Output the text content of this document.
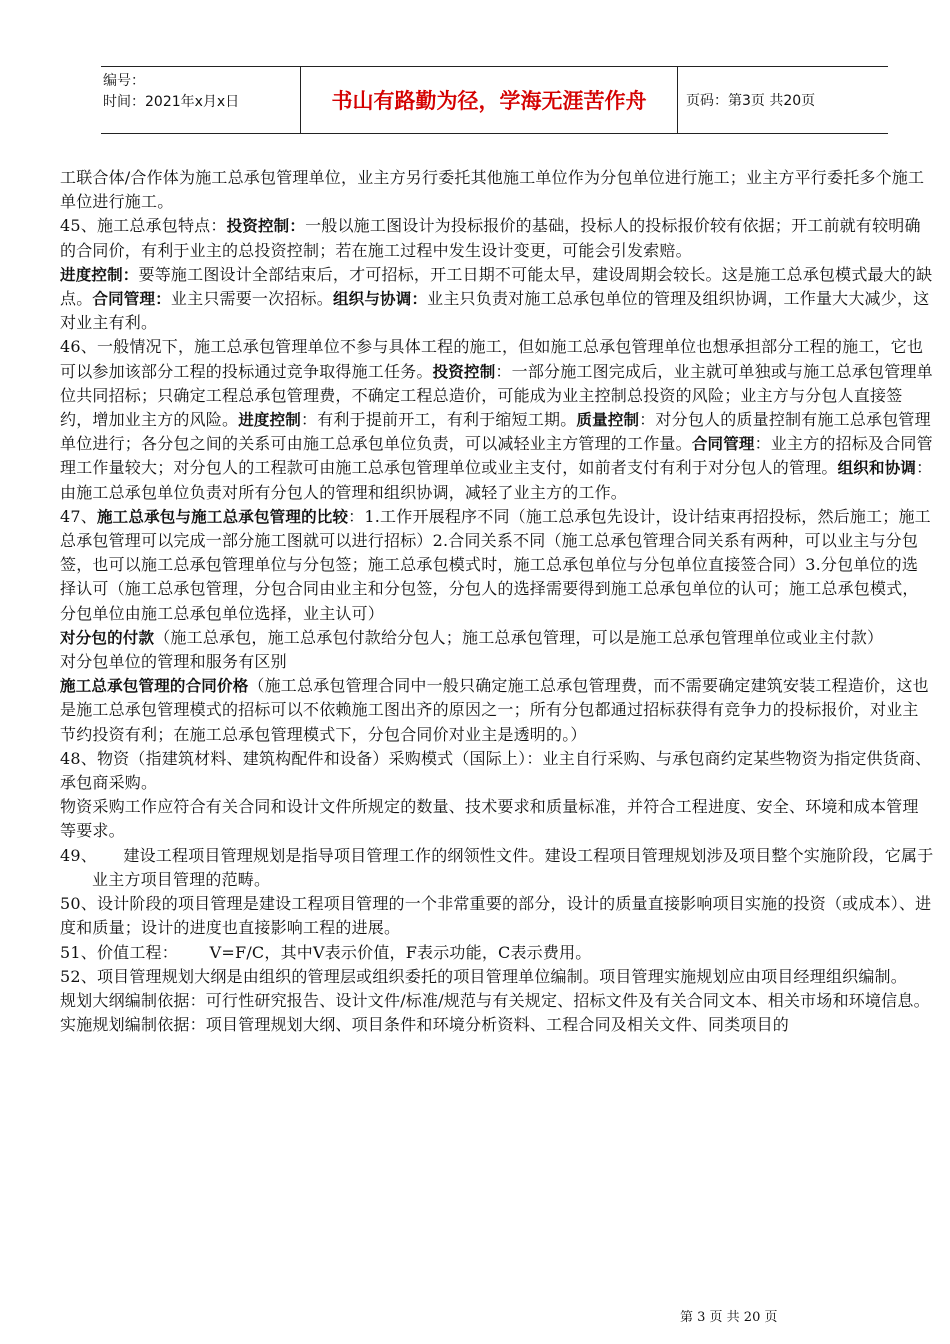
编号：
时间：2021年x月x日	书山有路勤为径，学海无涯苦作舟	页码：第3页 共20页

工联合体/合作体为施工总承包管理单位，业主方另行委托其他施工单位作为分包单位进行施工；业主方平行委托多个施工单位进行施工。

45、施工总承包特点：投资控制：一般以施工图设计为投标报价的基础，投标人的投标报价较有依据；开工前就有较明确的合同价，有利于业主的总投资控制；若在施工过程中发生设计变更，可能会引发索赔。

进度控制：要等施工图设计全部结束后，才可招标，开工日期不可能太早，建设周期会较长。这是施工总承包模式最大的缺点。合同管理：业主只需要一次招标。组织与协调：业主只负责对施工总承包单位的管理及组织协调，工作量大大减少，这对业主有利。

46、一般情况下，施工总承包管理单位不参与具体工程的施工，但如施工总承包管理单位也想承担部分工程的施工，它也可以参加该部分工程的投标通过竞争取得施工任务。投资控制：一部分施工图完成后，业主就可单独或与施工总承包管理单位共同招标；只确定工程总承包管理费，不确定工程总造价，可能成为业主控制总投资的风险；业主方与分包人直接签约，增加业主方的风险。进度控制：有利于提前开工，有利于缩短工期。质量控制：对分包人的质量控制有施工总承包管理单位进行；各分包之间的关系可由施工总承包单位负责，可以减轻业主方管理的工作量。合同管理：业主方的招标及合同管理工作量较大；对分包人的工程款可由施工总承包管理单位或业主支付，如前者支付有利于对分包人的管理。组织和协调：由施工总承包单位负责对所有分包人的管理和组织协调，减轻了业主方的工作。

47、施工总承包与施工总承包管理的比较：1.工作开展程序不同（施工总承包先设计，设计结束再招投标，然后施工；施工总承包管理可以完成一部分施工图就可以进行招标）2.合同关系不同（施工总承包管理合同关系有两种，可以业主与分包签，也可以施工总承包管理单位与分包签；施工总承包模式时，施工总承包单位与分包单位直接签合同）3.分包单位的选择认可（施工总承包管理，分包合同由业主和分包签，分包人的选择需要得到施工总承包单位的认可；施工总承包模式，分包单位由施工总承包单位选择，业主认可）

对分包的付款（施工总承包，施工总承包付款给分包人；施工总承包管理，可以是施工总承包管理单位或业主付款）

对分包单位的管理和服务有区别

施工总承包管理的合同价格（施工总承包管理合同中一般只确定施工总承包管理费，而不需要确定建筑安装工程造价，这也是施工总承包管理模式的招标可以不依赖施工图出齐的原因之一；所有分包都通过招标获得有竞争力的投标报价，对业主节约投资有利；在施工总承包管理模式下，分包合同价对业主是透明的。）

48、物资（指建筑材料、建筑构配件和设备）采购模式（国际上）：业主自行采购、与承包商约定某些物资为指定供货商、承包商采购。

物资采购工作应符合有关合同和设计文件所规定的数量、技术要求和质量标准，并符合工程进度、安全、环境和成本管理等要求。

49、     建设工程项目管理规划是指导项目管理工作的纲领性文件。建设工程项目管理规划涉及项目整个实施阶段，它属于业主方项目管理的范畴。

50、设计阶段的项目管理是建设工程项目管理的一个非常重要的部分，设计的质量直接影响项目实施的投资（或成本）、进度和质量；设计的进度也直接影响工程的进展。

51、价值工程：      V=F/C，其中V表示价值，F表示功能，C表示费用。

52、项目管理规划大纲是由组织的管理层或组织委托的项目管理单位编制。项目管理实施规划应由项目经理组织编制。

规划大纲编制依据：可行性研究报告、设计文件/标准/规范与有关规定、招标文件及有关合同文本、相关市场和环境信息。

实施规划编制依据：项目管理规划大纲、项目条件和环境分析资料、工程合同及相关文件、同类项目的

第 3 页 共 20 页
